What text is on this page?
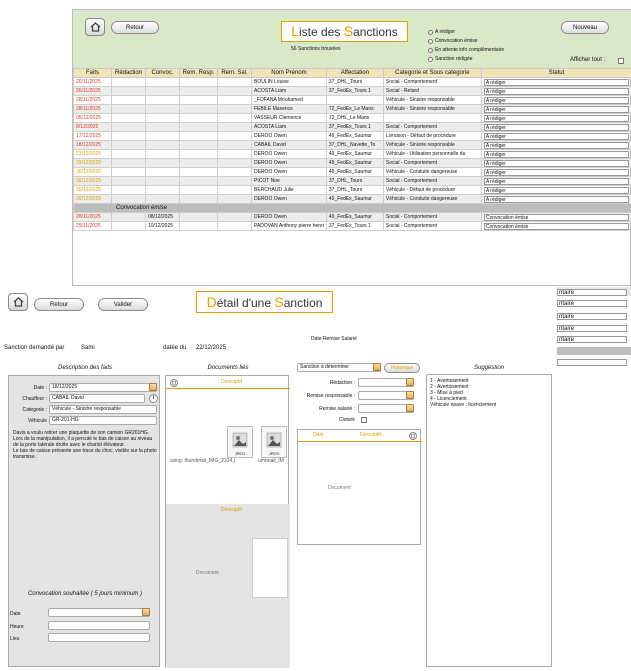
Retour	Liste des Sanctions
56 Sanctions trouvées
A rédiger
Convocation émise
En attente info complémentaire
Sanction rédigée
Nouveau
Afficher tout :
Faits	Rédaction	Convoc.	Rem. Resp.	Rem. Sal.	Nom Prénom	Affectation	Categorie et Sous categorie	Statut
20/11/2025					BOULIN Louise	37_DHL_Tours	Social - Comportement	A rédiger

26/11/2025					ACOSTA Liam	37_FedEx_Tours 1	Social - Retard	A rédiger

28/11/2025					_FOFANA Mouhamed		Véhicule - Sinistre responsable	A rédiger

28/11/2025					FEBILE Maxence	72_FedEx_Le Mans	Véhicule - Sinistre responsable	A rédiger

05/12/2025					VASSEUR Clemence	72_DHL_Le Mans		A rédiger

8/12/2025					ACOSTA Liam	37_FedEx_Tours 1	Social - Comportement	A rédiger

17/12/2025					DEROO Owen	49_FedEx_Saumur	Livraison - Défaut de procédure	A rédiger

18/12/2025					CABAIL David	37_DHL_Navette_To	Véhicule - Sinistre responsable	A rédiger

23/12/2025					DEROO Owen	49_FedEx_Saumur	Véhicule - Utilisation personnelle du	A rédiger

29/12/2025					DEROO Owen	49_FedEx_Saumur	Social - Comportement	A rédiger

30/12/2025					DEROO Owen	49_FedEx_Saumur	Véhicule - Conduite dangereuse	A rédiger

30/12/2025					PICOT Noe	37_DHL_Tours	Social - Comportement	A rédiger

30/12/2025					BERCHAUD Julie	37_DHL_Tours	Véhicule - Défaut de procédure	A rédiger

30/12/2025					DEROO Owen	49_FedEx_Saumur	Véhicule - Conduite dangereuse	A rédiger

Convocation émise								
28/11/2025		08/12/2025			DEROO Owen	49_FedEx_Saumur	Social - Comportement	Convocation émise

29/11/2025		10/12/2025			PADOVAN Anthony pierre henri	37_FedEx_Tours 1	Social - Comportement	Convocation émise
Retour	Valider	Détail d'une Sanction
Date Remise Salarié
Sanction demandé par	Sami	datée du 22/12/2025
Description des faits
Date :	18/12/2025
Chauffeur :	CABAIL David	i
Categorie :	Véhicule - Sinistre responsable
Véhicule	GR-201-HG
Davis a voulu retirer une plaquette de son camion GR201HG.
Lors de la manipulation, il a percuté le bas de caisse au niveau de la porte latérale droite avec le chariot élévateur.
Le bas de caisse présente une trace du choc, visible sur la photo transmise.
Documents liés
Descriptif
JPEG
ssing: thumbnail_IMG_2324.j
JPEG
umbnail_IM
Descriptif
Document
Sanction à déterminer	Historique
Rédaction :
Remise responsable :
Remise salarié :
Cloturé
Date	Descriptif
Document
Suggestion
1 - Avertissement
2 - Avertissement
3 - Mise à pied
4 - Licenciement
Véhicule épave : licenciement
Convocation souhaitée ( 5 jours minimum )
Date
Heure
Lieu
ntaire
ntaire
ntaire
ntaire
ntaire
